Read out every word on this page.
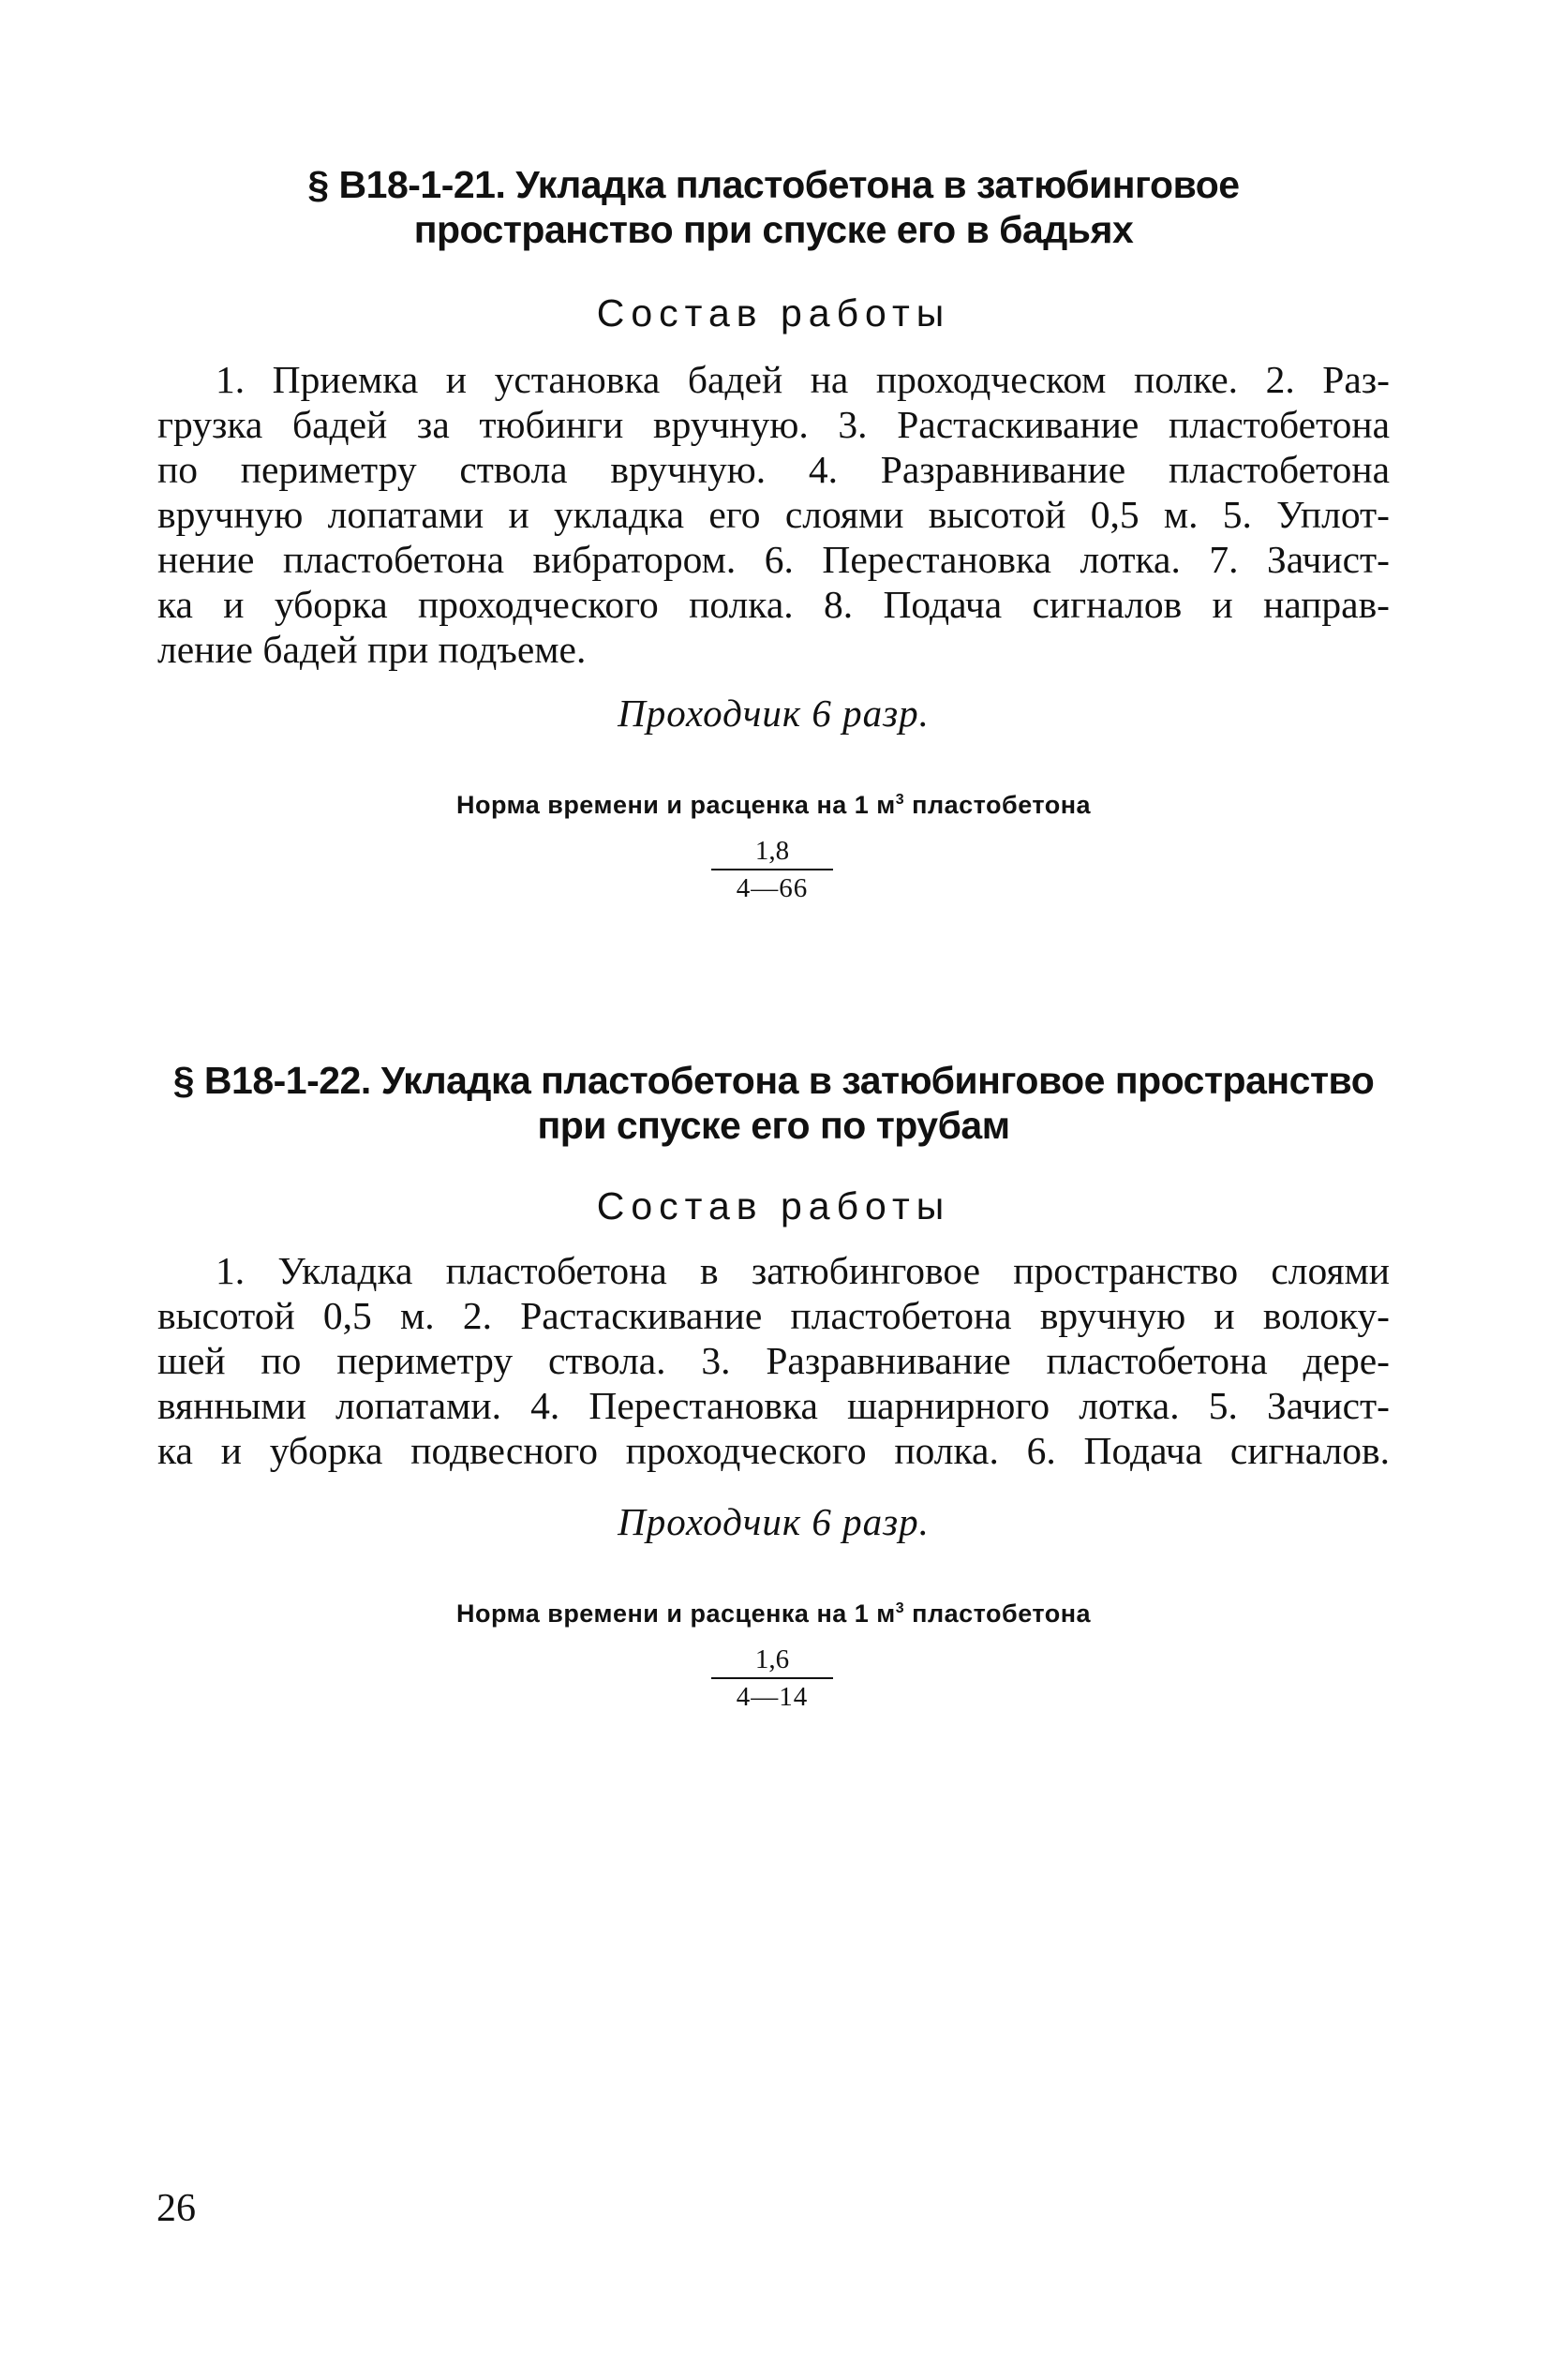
§ В18-1-21. Укладка пластобетона в затюбинговое
пространство при спуске его в бадьях
Состав работы
1. Приемка и установка бадей на проходческом полке. 2. Раз-
грузка бадей за тюбинги вручную. 3. Растаскивание пластобетона
по периметру ствола вручную. 4. Разравнивание пластобетона
вручную лопатами и укладка его слоями высотой 0,5 м. 5. Уплот-
нение пластобетона вибратором. 6. Перестановка лотка. 7. Зачист-
ка и уборка проходческого полка. 8. Подача сигналов и направ-
ление бадей при подъеме.
Проходчик 6 разр.
Норма времени и расценка на 1 $м^3$ пластобетона
$\frac{1,8}{4—66}$
§ В18-1-22. Укладка пластобетона в затюбинговое пространство
при спуске его по трубам
Состав работы
1. Укладка пластобетона в затюбинговое пространство слоями
высотой 0,5 м. 2. Растаскивание пластобетона вручную и волоку-
шей по периметру ствола. 3. Разравнивание пластобетона дере-
вянными лопатами. 4. Перестановка шарнирного лотка. 5. Зачист-
ка и уборка подвесного проходческого полка. 6. Подача сигналов.
Проходчик 6 разр.
Норма времени и расценка на 1 $м^3$ пластобетона
$\frac{1,6}{4—14}$
26
